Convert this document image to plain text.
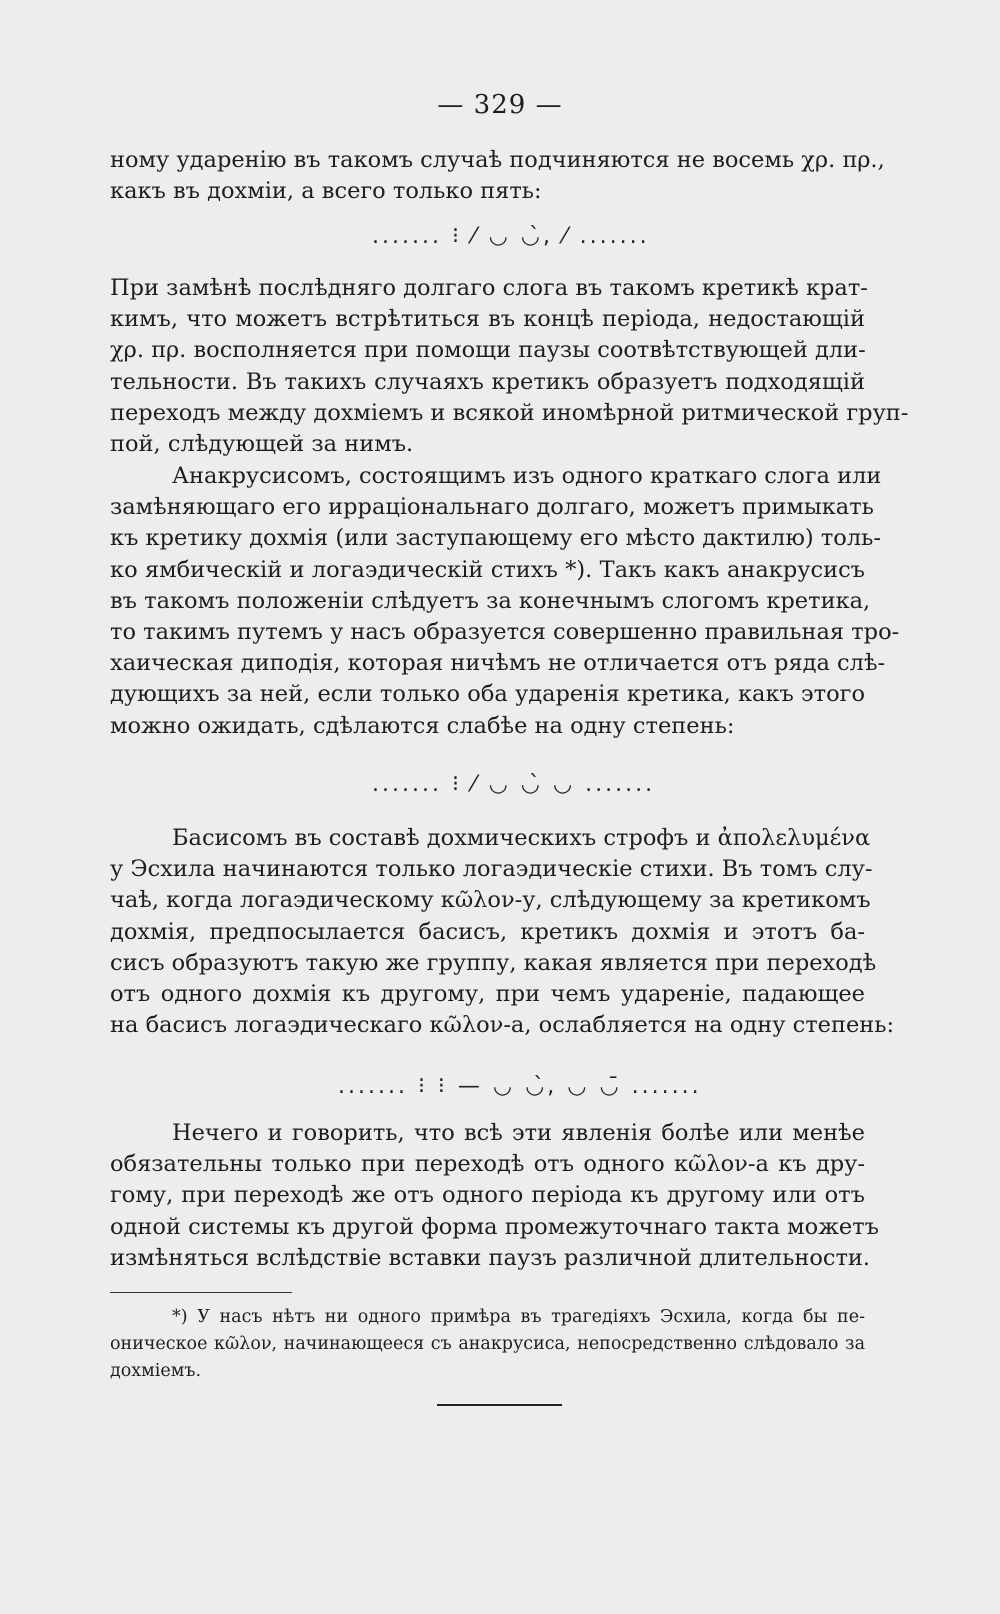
— 329 —
ному ударенію въ такомъ случаѣ подчиняются не восемь χρ. πρ.,
какъ въ дохміи, а всего только пять:
....... ⁝ ⁄ ◡ ◡̀, ⁄ .......
При замѣнѣ послѣдняго долгаго слога въ такомъ кретикѣ крат-
кимъ, что можетъ встрѣтиться въ концѣ періода, недостающій
χρ. πρ. восполняется при помощи паузы соотвѣтствующей дли-
тельности. Въ такихъ случаяхъ кретикъ образуетъ подходящій
переходъ между дохміемъ и всякой иномѣрной ритмической груп-
пой, слѣдующей за нимъ.
Анакрусисомъ, состоящимъ изъ одного краткаго слога или
замѣняющаго его ирраціональнаго долгаго, можетъ примыкать
къ кретику дохмія (или заступающему его мѣсто дактилю) толь-
ко ямбическій и логаэдическій стихъ *). Такъ какъ анакрусисъ
въ такомъ положеніи слѣдуетъ за конечнымъ слогомъ кретика,
то такимъ путемъ у насъ образуется совершенно правильная тро-
хаическая диподія, которая ничѣмъ не отличается отъ ряда слѣ-
дующихъ за ней, если только оба ударенія кретика, какъ этого
можно ожидать, сдѣлаются слабѣе на одну степень:
....... ⁝ ⁄ ◡ ◡̀ ◡ .......
Басисомъ въ составѣ дохмическихъ строфъ и ἀπολελυμένα
у Эсхила начинаются только логаэдическіе стихи. Въ томъ слу-
чаѣ, когда логаэдическому κῶλον-у, слѣдующему за кретикомъ
дохмія, предпосылается басисъ, кретикъ дохмія и этотъ ба-
сисъ образуютъ такую же группу, какая является при переходѣ
отъ одного дохмія къ другому, при чемъ удареніе, падающее
на басисъ логаэдическаго κῶλον-а, ослабляется на одну степень:
....... ⁝ ⁝ — ◡ ◡̀, ◡ ◡̄ .......
Нечего и говорить, что всѣ эти явленія болѣе или менѣе
обязательны только при переходѣ отъ одного κῶλον-а къ дру-
гому, при переходѣ же отъ одного періода къ другому или отъ
одной системы къ другой форма промежуточнаго такта можетъ
измѣняться вслѣдствіе вставки паузъ различной длительности.
*) У насъ нѣтъ ни одного примѣра въ трагедіяхъ Эсхила, когда бы пе-
оническое κῶλον, начинающееся съ анакрусиса, непосредственно слѣдовало за
дохміемъ.
